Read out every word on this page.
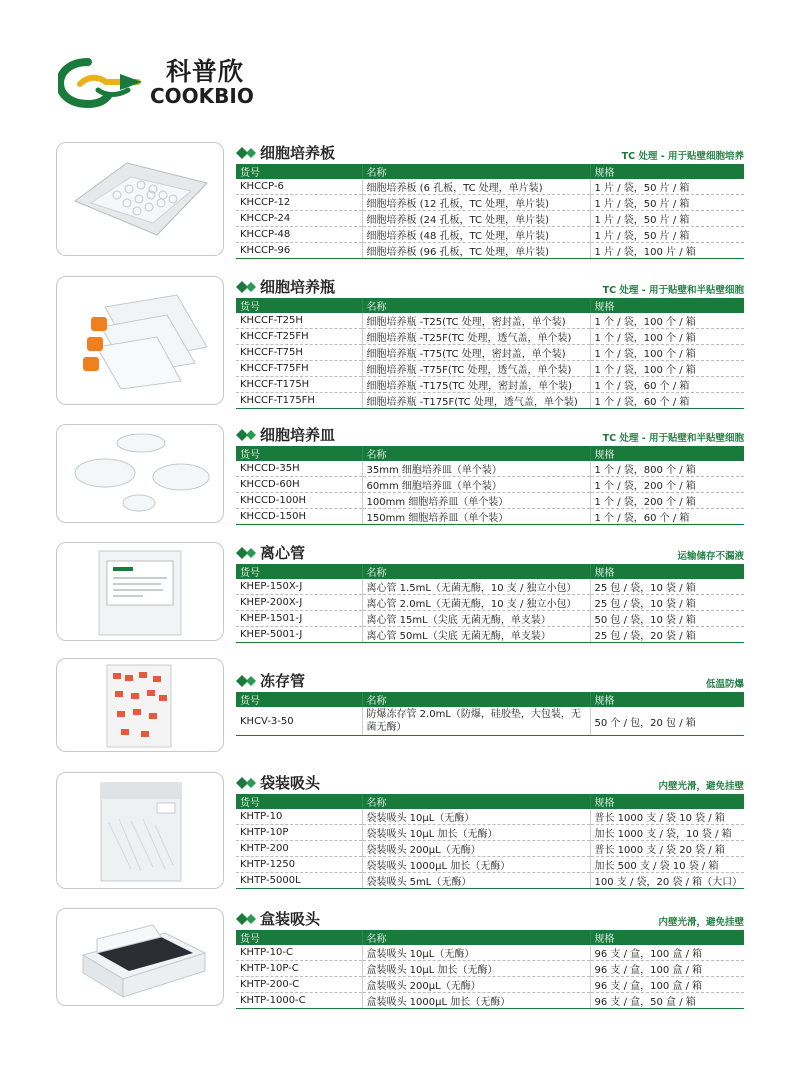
科普欣
COOKBIO
细胞培养板	TC 处理 - 用于贴壁细胞培养
货号	名称	规格
KHCCP-6	细胞培养板 (6 孔板，TC 处理，单片装)	1 片 / 袋，50 片 / 箱
KHCCP-12	细胞培养板 (12 孔板，TC 处理，单片装)	1 片 / 袋，50 片 / 箱
KHCCP-24	细胞培养板 (24 孔板，TC 处理，单片装)	1 片 / 袋，50 片 / 箱
KHCCP-48	细胞培养板 (48 孔板，TC 处理，单片装)	1 片 / 袋，50 片 / 箱
KHCCP-96	细胞培养板 (96 孔板，TC 处理，单片装)	1 片 / 袋，100 片 / 箱
细胞培养瓶	TC 处理 - 用于贴壁和半贴壁细胞
货号	名称	规格
KHCCF-T25H	细胞培养瓶 -T25(TC 处理，密封盖，单个装)	1 个 / 袋，100 个 / 箱
KHCCF-T25FH	细胞培养瓶 -T25F(TC 处理，透气盖，单个装)	1 个 / 袋，100 个 / 箱
KHCCF-T75H	细胞培养瓶 -T75(TC 处理，密封盖，单个装)	1 个 / 袋，100 个 / 箱
KHCCF-T75FH	细胞培养瓶 -T75F(TC 处理，透气盖，单个装)	1 个 / 袋，100 个 / 箱
KHCCF-T175H	细胞培养瓶 -T175(TC 处理，密封盖，单个装)	1 个 / 袋，60 个 / 箱
KHCCF-T175FH	细胞培养瓶 -T175F(TC 处理，透气盖，单个装)	1 个 / 袋，60 个 / 箱
细胞培养皿	TC 处理 - 用于贴壁和半贴壁细胞
货号	名称	规格
KHCCD-35H	35mm 细胞培养皿（单个装）	1 个 / 袋，800 个 / 箱
KHCCD-60H	60mm 细胞培养皿（单个装）	1 个 / 袋，200 个 / 箱
KHCCD-100H	100mm 细胞培养皿（单个装）	1 个 / 袋，200 个 / 箱
KHCCD-150H	150mm 细胞培养皿（单个装）	1 个 / 袋，60 个 / 箱
离心管	运输储存不漏液
货号	名称	规格
KHEP-150X-J	离心管 1.5mL（无菌无酶，10 支 / 独立小包）	25 包 / 袋，10 袋 / 箱
KHEP-200X-J	离心管 2.0mL（无菌无酶，10 支 / 独立小包）	25 包 / 袋，10 袋 / 箱
KHEP-1501-J	离心管 15mL（尖底 无菌无酶，单支装）	50 包 / 袋，10 袋 / 箱
KHEP-5001-J	离心管 50mL（尖底 无菌无酶，单支装）	25 包 / 袋，20 袋 / 箱
冻存管	低温防爆
货号	名称	规格
KHCV-3-50	防爆冻存管 2.0mL（防爆，硅胶垫，大包装，无菌无酶）	50 个 / 包，20 包 / 箱
袋装吸头	内壁光滑，避免挂壁
货号	名称	规格
KHTP-10	袋装吸头 10μL（无酶）	普长 1000 支 / 袋 10 袋 / 箱
KHTP-10P	袋装吸头 10μL 加长（无酶）	加长 1000 支 / 袋，10 袋 / 箱
KHTP-200	袋装吸头 200μL（无酶）	普长 1000 支 / 袋 20 袋 / 箱
KHTP-1250	袋装吸头 1000μL 加长（无酶）	加长 500 支 / 袋 10 袋 / 箱
KHTP-5000L	袋装吸头 5mL（无酶）	100 支 / 袋，20 袋 / 箱（大口）
盒装吸头	内壁光滑，避免挂壁
货号	名称	规格
KHTP-10-C	盒装吸头 10μL（无酶）	96 支 / 盒，100 盒 / 箱
KHTP-10P-C	盒装吸头 10μL 加长（无酶）	96 支 / 盒，100 盒 / 箱
KHTP-200-C	盒装吸头 200μL（无酶）	96 支 / 盒，100 盒 / 箱
KHTP-1000-C	盒装吸头 1000μL 加长（无酶）	96 支 / 盒，50 盒 / 箱
